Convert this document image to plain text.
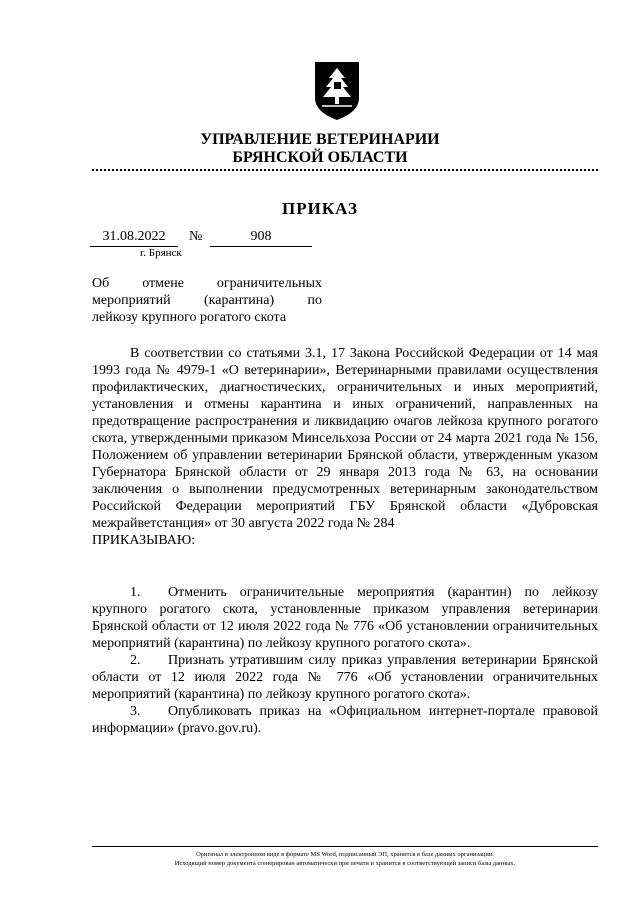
УПРАВЛЕНИЕ ВЕТЕРИНАРИИ
БРЯНСКОЙ ОБЛАСТИ
ПРИКАЗ
31.08.2022	№	908
г. Брянск
Об отмене ограничительных
мероприятий (карантина) по
лейкозу крупного рогатого скота

В соответствии со статьями 3.1, 17 Закона Российской Федерации от 14 мая 1993 года № 4979-1 «О ветеринарии», Ветеринарными правилами осуществления профилактических, диагностических, ограничительных и иных мероприятий, установления и отмены карантина и иных ограничений, направленных на предотвращение распространения и ликвидацию очагов лейкоза крупного рогатого скота, утвержденными приказом Минсельхоза России от 24 марта 2021 года № 156, Положением об управлении ветеринарии Брянской области, утвержденным указом Губернатора Брянской области от 29 января 2013 года № 63, на основании заключения о выполнении предусмотренных ветеринарным законодательством Российской Федерации мероприятий ГБУ Брянской области «Дубровская межрайветстанция» от 30 августа 2022 года № 284

ПРИКАЗЫВАЮ:

1. Отменить ограничительные мероприятия (карантин) по лейкозу крупного рогатого скота, установленные приказом управления ветеринарии Брянской области от 12 июля 2022 года № 776 «Об установлении ограничительных мероприятий (карантина) по лейкозу крупного рогатого скота».

2. Признать утратившим силу приказ управления ветеринарии Брянской области от 12 июля 2022 года № 776 «Об установлении ограничительных мероприятий (карантина) по лейкозу крупного рогатого скота».

3. Опубликовать приказ на «Официальном интернет-портале правовой информации» (pravo.gov.ru).

Оригинал в электронном виде в формате MS Word, подписанный ЭП, хранится в базе данных организации.
Исходящий номер документа сгенерирован автоматически при печати и хранится в соответствующей записи базы данных.
